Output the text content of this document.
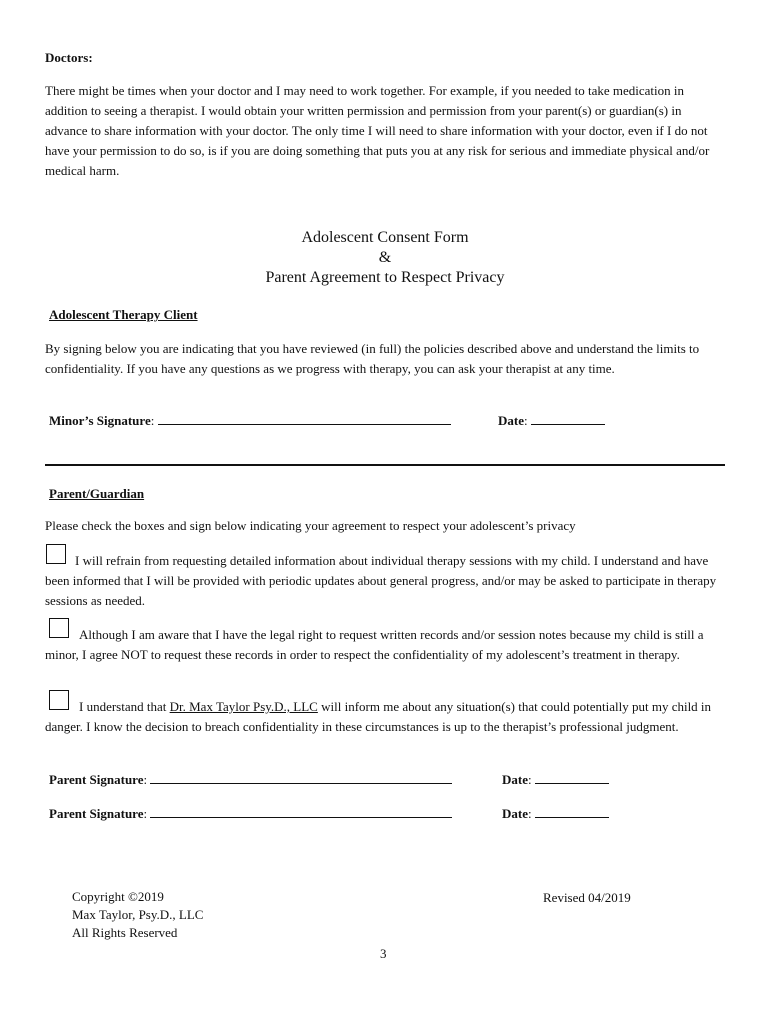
Doctors:
There might be times when your doctor and I may need to work together. For example, if you needed to take medication in addition to seeing a therapist. I would obtain your written permission and permission from your parent(s) or guardian(s) in advance to share information with your doctor. The only time I will need to share information with your doctor, even if I do not have your permission to do so, is if you are doing something that puts you at any risk for serious and immediate physical and/or medical harm.
Adolescent Consent Form
&
Parent Agreement to Respect Privacy
Adolescent Therapy Client
By signing below you are indicating that you have reviewed (in full) the policies described above and understand the limits to confidentiality. If you have any questions as we progress with therapy, you can ask your therapist at any time.
Minor’s Signature:	Date:
Parent/Guardian
Please check the boxes and sign below indicating your agreement to respect your adolescent’s privacy
I will refrain from requesting detailed information about individual therapy sessions with my child. I understand and have been informed that I will be provided with periodic updates about general progress, and/or may be asked to participate in therapy sessions as needed.
Although I am aware that I have the legal right to request written records and/or session notes because my child is still a minor, I agree NOT to request these records in order to respect the confidentiality of my adolescent’s treatment in therapy.
I understand that Dr. Max Taylor Psy.D., LLC will inform me about any situation(s) that could potentially put my child in danger. I know the decision to breach confidentiality in these circumstances is up to the therapist’s professional judgment.
Parent Signature:	Date:
Parent Signature:	Date:
Copyright ©2019
Max Taylor, Psy.D., LLC
All Rights Reserved
Revised 04/2019
3
